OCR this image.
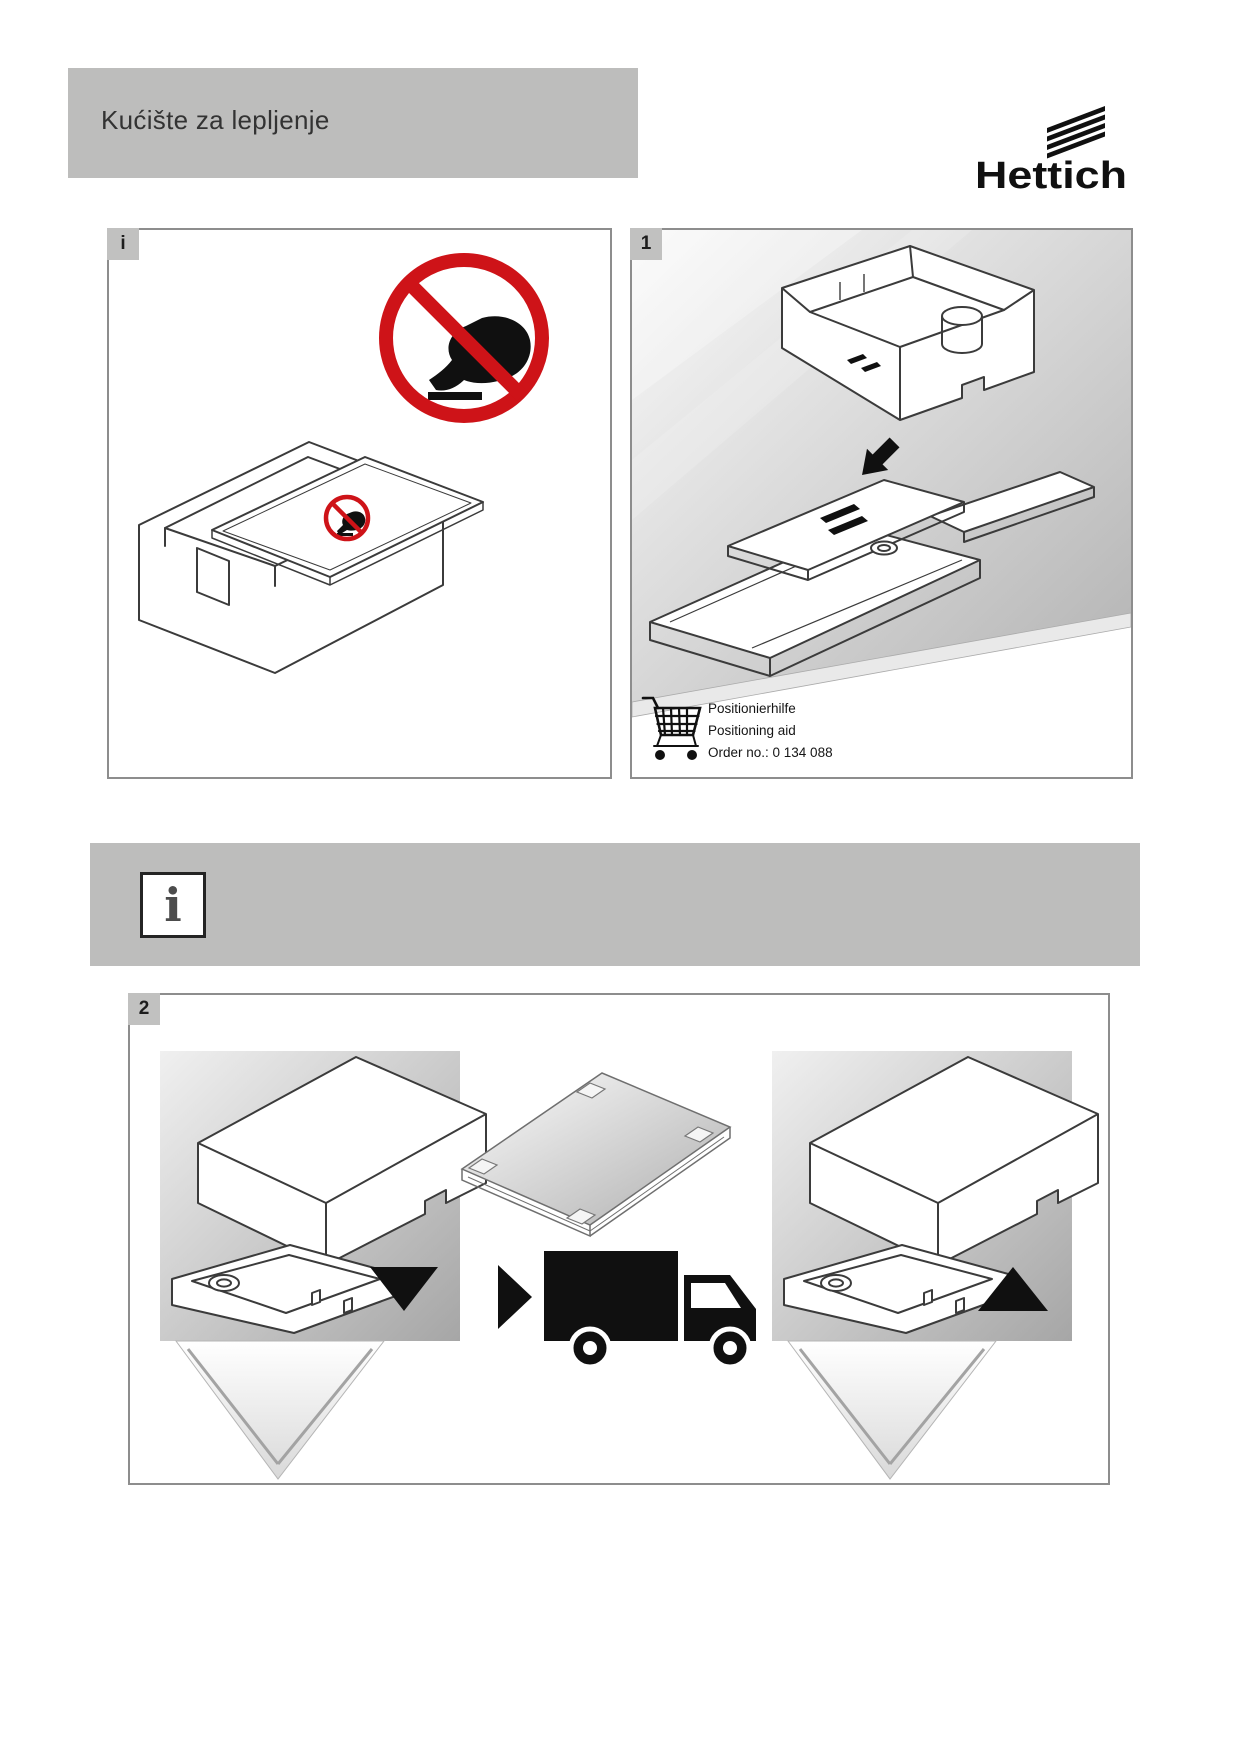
Kućište za lepljenje
Hettich
i	1
Positionierhilfe
Positioning aid
Order no.: 0 134 088
i
2
